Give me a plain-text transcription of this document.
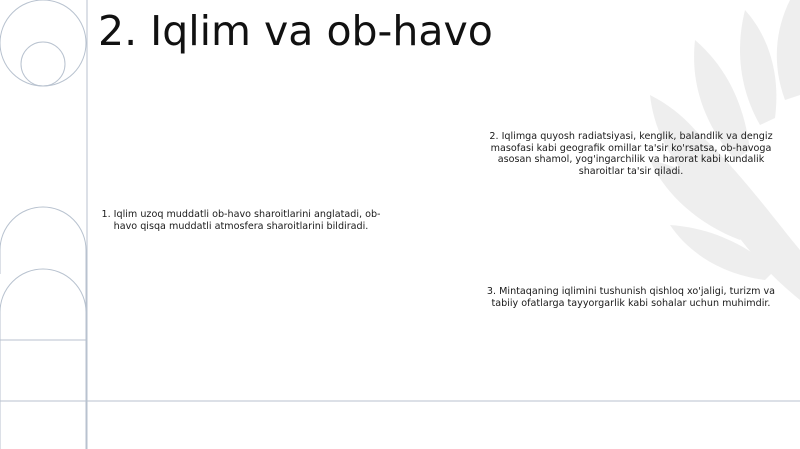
2. Iqlim va ob-havo

1. Iqlim uzoq muddatli ob-havo sharoitlarini anglatadi, ob-havo qisqa muddatli atmosfera sharoitlarini bildiradi.

2. Iqlimga quyosh radiatsiyasi, kenglik, balandlik va dengiz masofasi kabi geografik omillar ta'sir ko'rsatsa, ob-havoga asosan shamol, yog'ingarchilik va harorat kabi kundalik sharoitlar ta'sir qiladi.

3. Mintaqaning iqlimini tushunish qishloq xo'jaligi, turizm va tabiiy ofatlarga tayyorgarlik kabi sohalar uchun muhimdir.
